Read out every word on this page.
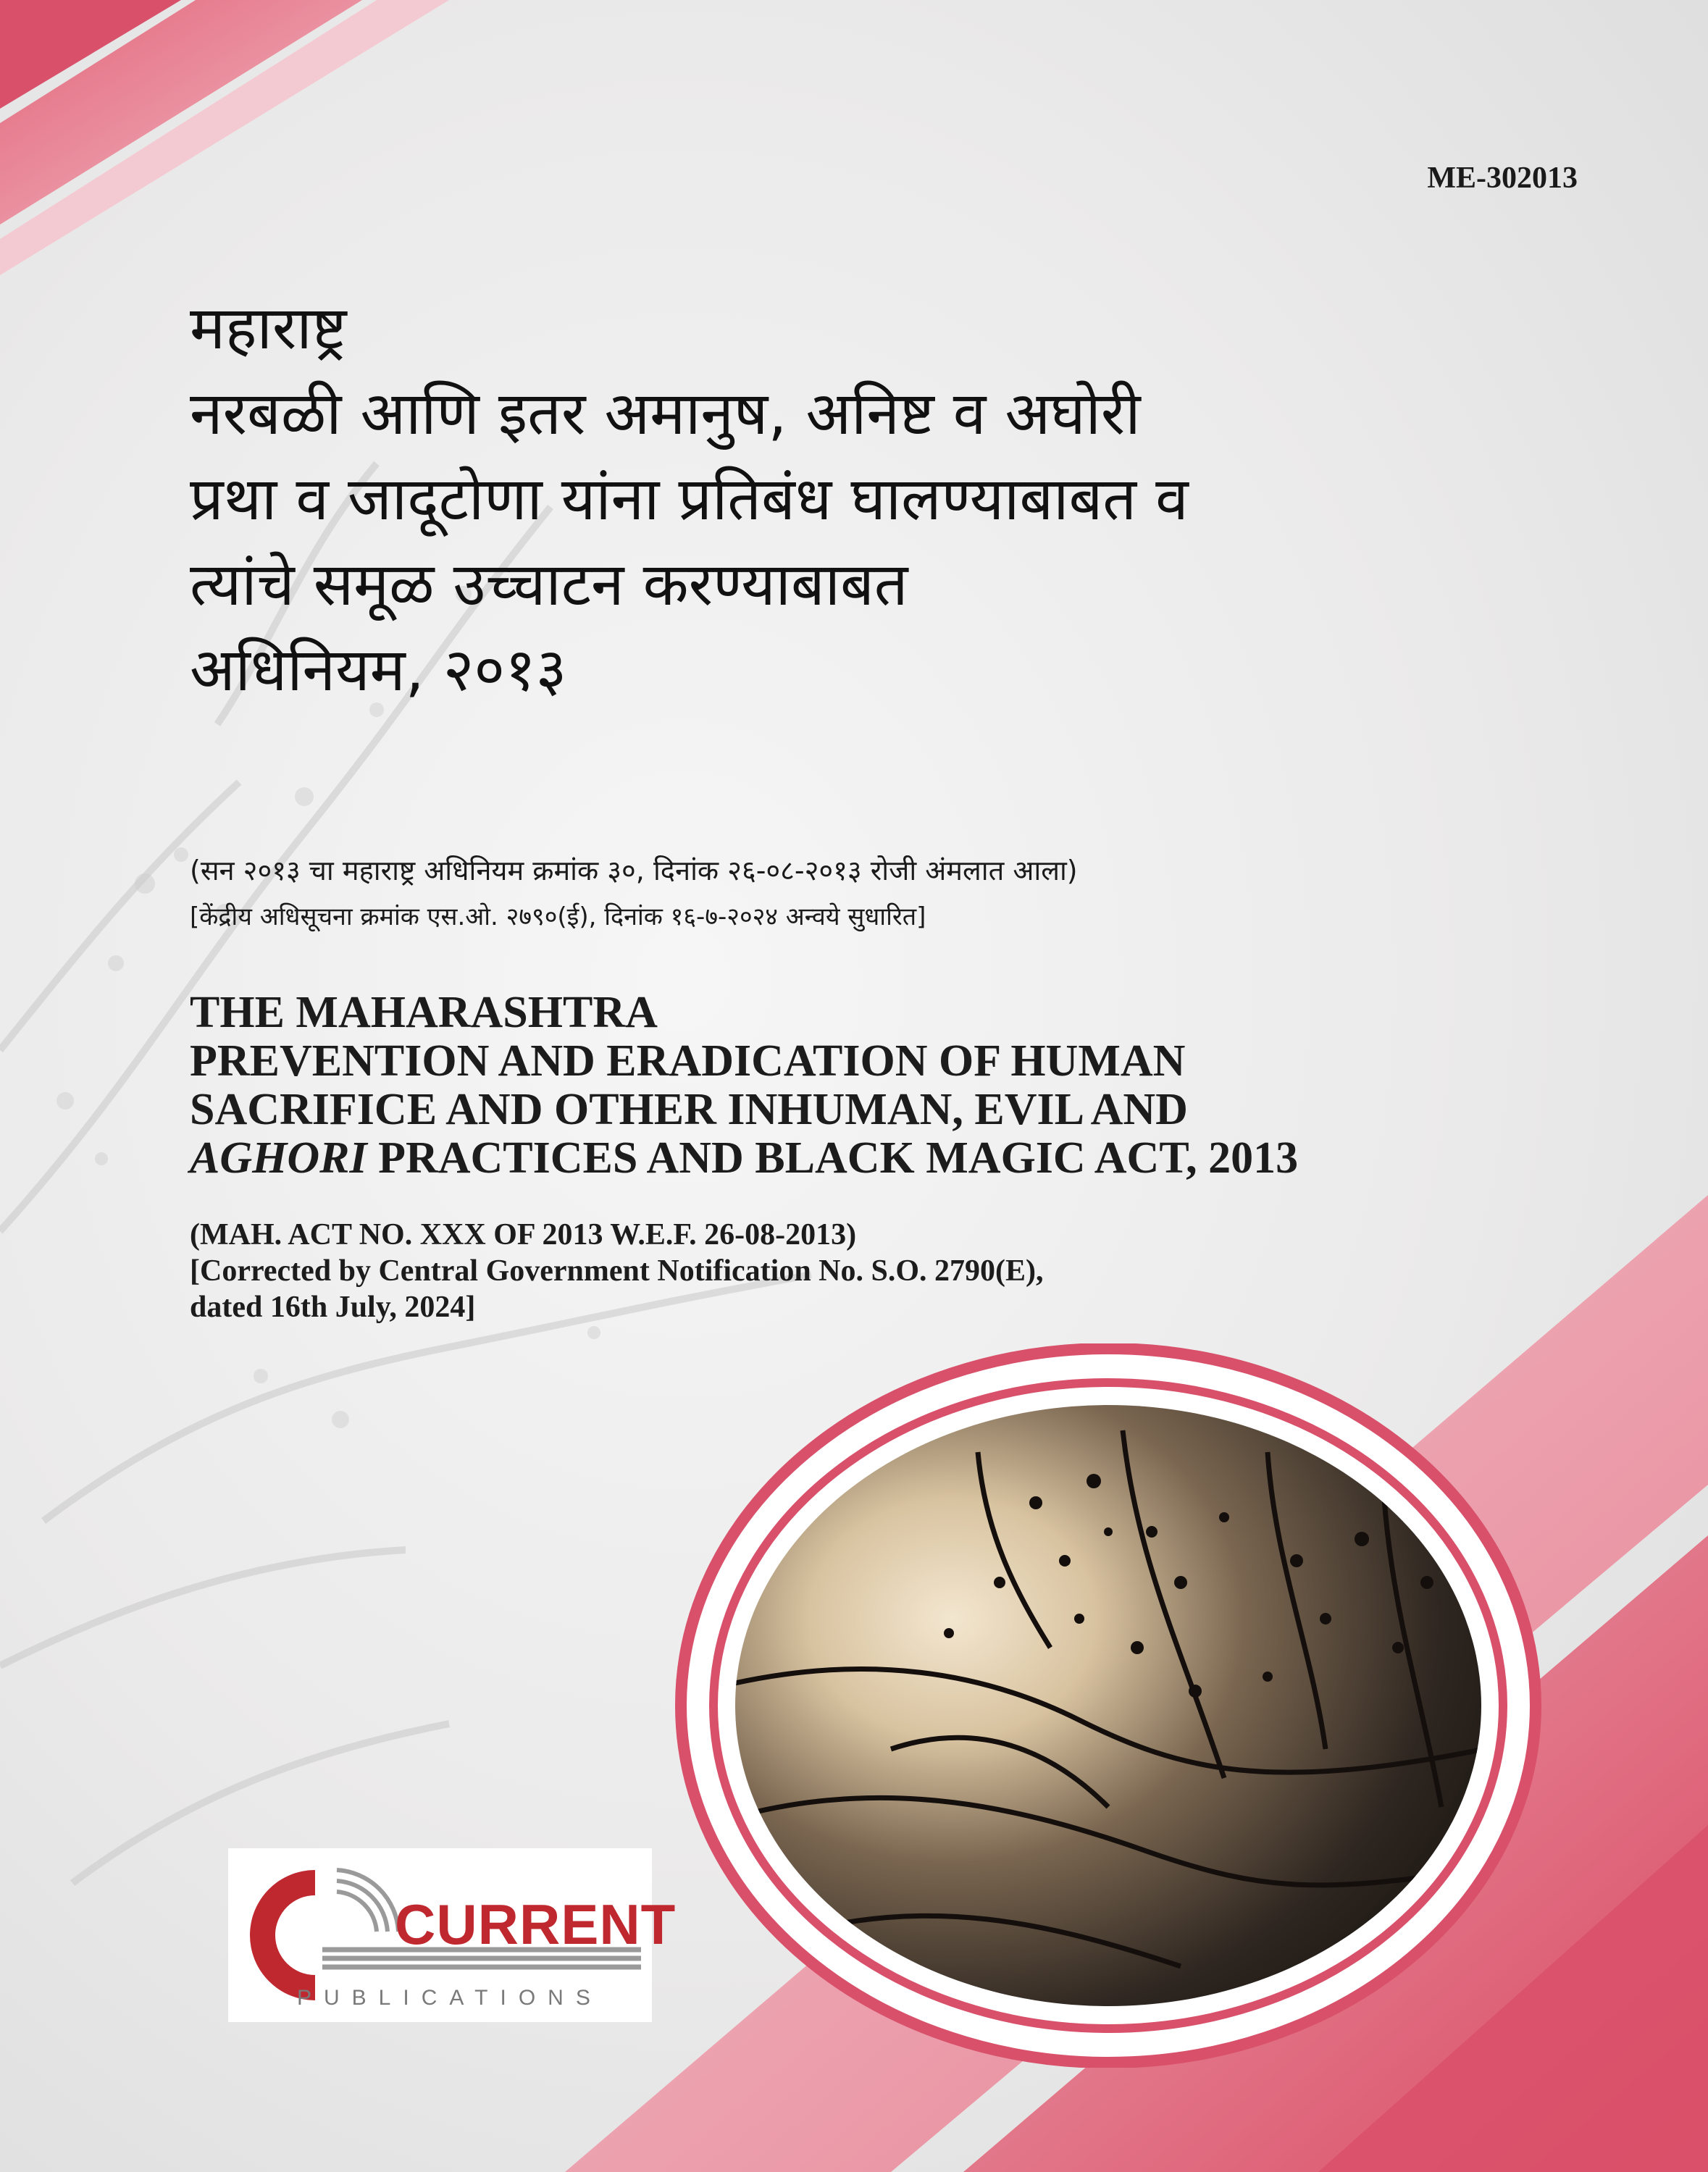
ME-302013
महाराष्ट्र
नरबळी आणि इतर अमानुष, अनिष्ट व अघोरी
प्रथा व जादूटोणा यांना प्रतिबंध घालण्याबाबत व
त्यांचे समूळ उच्चाटन करण्याबाबत
अधिनियम, २०१३
(सन २०१३ चा महाराष्ट्र अधिनियम क्रमांक ३०, दिनांक २६-०८-२०१३ रोजी अंमलात आला)
[केंद्रीय अधिसूचना क्रमांक एस.ओ. २७९०(ई), दिनांक १६-७-२०२४ अन्वये सुधारित]
THE MAHARASHTRA
PREVENTION AND ERADICATION OF HUMAN
SACRIFICE AND OTHER INHUMAN, EVIL AND
AGHORI PRACTICES AND BLACK MAGIC ACT, 2013
(MAH. ACT NO. XXX OF 2013 W.E.F. 26-08-2013)
[Corrected by Central Government Notification No. S.O. 2790(E),
dated 16th July, 2024]
CURRENT
PUBLICATIONS
